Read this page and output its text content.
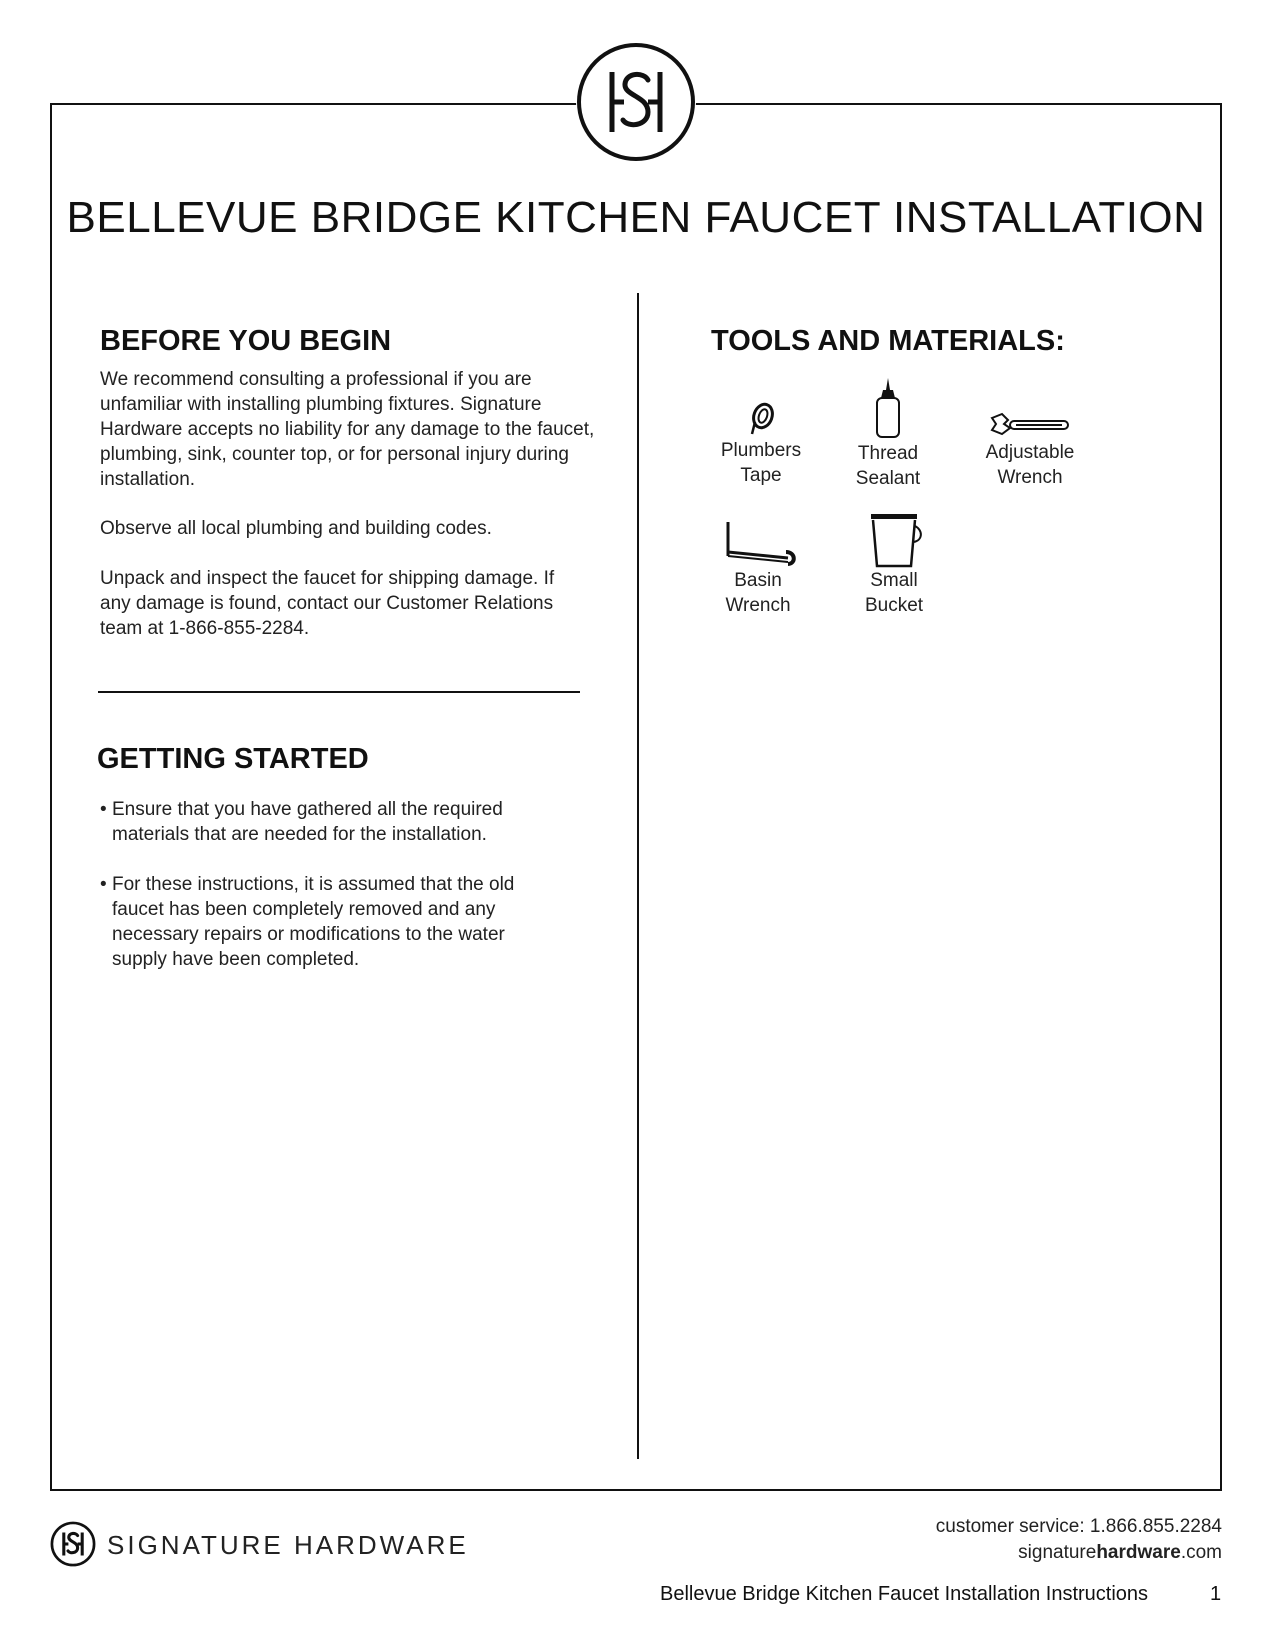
BELLEVUE BRIDGE KITCHEN FAUCET INSTALLATION
BEFORE YOU BEGIN

We recommend consulting a professional if you are unfamiliar with installing plumbing fixtures. Signature Hardware accepts no liability for any damage to the faucet, plumbing, sink, counter top, or for personal injury during installation.

Observe all local plumbing and building codes.

Unpack and inspect the faucet for shipping damage. If any damage is found, contact our Customer Relations team at 1-866-855-2284.

GETTING STARTED
• Ensure that you have gathered all the required materials that are needed for the installation.
• For these instructions, it is assumed that the old faucet has been completely removed and any necessary repairs or modifications to the water supply have been completed.
TOOLS AND MATERIALS:
Plumbers
Tape
Thread
Sealant
Adjustable
Wrench
Basin
Wrench
Small
Bucket
SIGNATURE HARDWARE
customer service: 1.866.855.2284
signaturehardware.com
Bellevue Bridge Kitchen Faucet Installation Instructions	1
